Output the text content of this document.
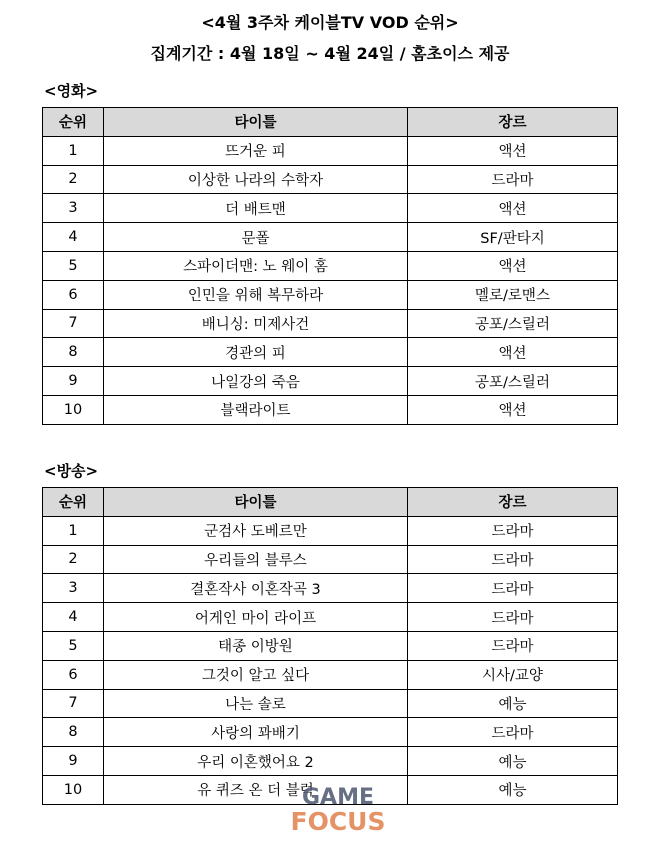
<4월 3주차 케이블TV VOD 순위>
집계기간 : 4월 18일 ~ 4월 24일 / 홈초이스 제공
<영화>
순위	타이틀	장르
1	뜨거운 피	액션
2	이상한 나라의 수학자	드라마
3	더 배트맨	액션
4	문폴	SF/판타지
5	스파이더맨: 노 웨이 홈	액션
6	인민을 위해 복무하라	멜로/로맨스
7	배니싱: 미제사건	공포/스릴러
8	경관의 피	액션
9	나일강의 죽음	공포/스릴러
10	블랙라이트	액션
<방송>
순위	타이틀	장르
1	군검사 도베르만	드라마
2	우리들의 블루스	드라마
3	결혼작사 이혼작곡 3	드라마
4	어게인 마이 라이프	드라마
5	태종 이방원	드라마
6	그것이 알고 싶다	시사/교양
7	나는 솔로	예능
8	사랑의 꽈배기	드라마
9	우리 이혼했어요 2	예능
10	유 퀴즈 온 더 블럭	예능
GAME
FOCUS
